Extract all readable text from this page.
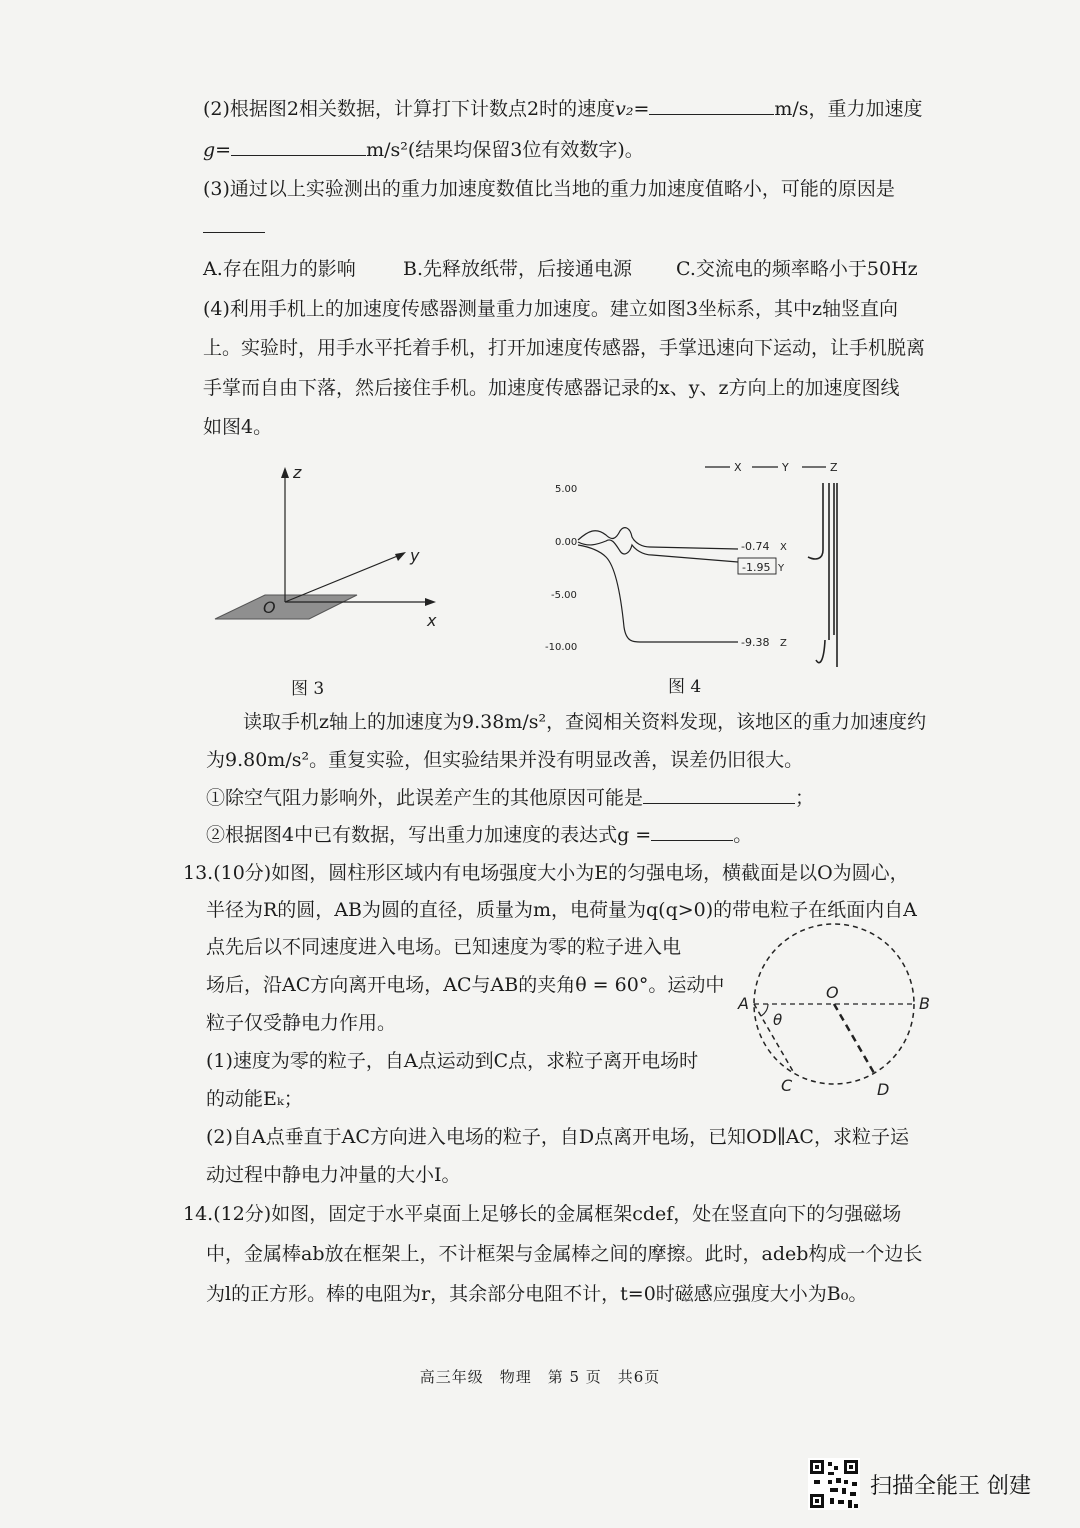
(2)根据图2相关数据，计算打下计数点2时的速度v₂=	m/s，重力加速度
g=	m/s²(结果均保留3位有效数字)。
(3)通过以上实验测出的重力加速度数值比当地的重力加速度值略小，可能的原因是
A.存在阻力的影响 B.先释放纸带，后接通电源 C.交流电的频率略小于50Hz
(4)利用手机上的加速度传感器测量重力加速度。建立如图3坐标系，其中z轴竖直向
上。实验时，用手水平托着手机，打开加速度传感器，手掌迅速向下运动，让手机脱离
手掌而自由下落，然后接住手机。加速度传感器记录的x、y、z方向上的加速度图线
如图4。
z
y
x
O
图 3
X	Y	Z
5.00
0.00
-5.00
-10.00
-0.74 X
-1.95 Y
-9.38 Z
图 4
读取手机z轴上的加速度为9.38m/s²，查阅相关资料发现，该地区的重力加速度约
为9.80m/s²。重复实验，但实验结果并没有明显改善，误差仍旧很大。
①除空气阻力影响外，此误差产生的其他原因可能是	；
②根据图4中已有数据，写出重力加速度的表达式g =	。
13.(10分)如图，圆柱形区域内有电场强度大小为E的匀强电场，横截面是以O为圆心，
半径为R的圆，AB为圆的直径，质量为m，电荷量为q(q>0)的带电粒子在纸面内自A
点先后以不同速度进入电场。已知速度为零的粒子进入电
场后，沿AC方向离开电场，AC与AB的夹角θ = 60°。运动中
粒子仅受静电力作用。
(1)速度为零的粒子，自A点运动到C点，求粒子离开电场时
的动能Eₖ；
(2)自A点垂直于AC方向进入电场的粒子，自D点离开电场，已知OD∥AC，求粒子运
动过程中静电力冲量的大小I。
A	B
O
θ
C	D
14.(12分)如图，固定于水平桌面上足够长的金属框架cdef，处在竖直向下的匀强磁场
中，金属棒ab放在框架上，不计框架与金属棒之间的摩擦。此时，adeb构成一个边长
为l的正方形。棒的电阻为r，其余部分电阻不计，t=0时磁感应强度大小为B₀。
高三年级　物理　第 5 页　共6页
扫描全能王 创建
